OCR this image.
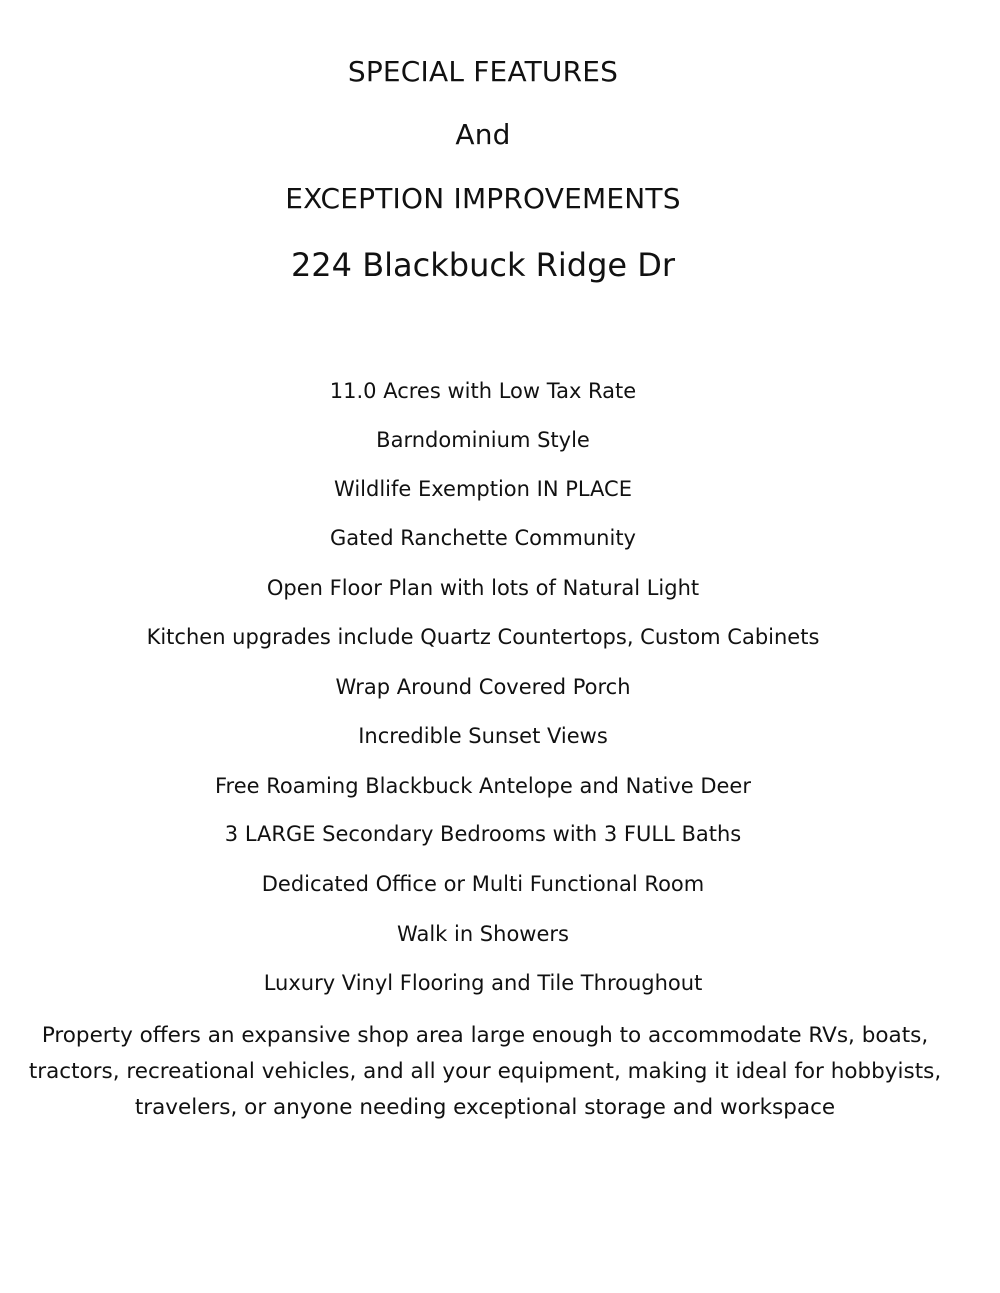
SPECIAL FEATURES
And
EXCEPTION IMPROVEMENTS
224 Blackbuck Ridge Dr
11.0 Acres with Low Tax Rate
Barndominium Style
Wildlife Exemption IN PLACE
Gated Ranchette Community
Open Floor Plan with lots of Natural Light
Kitchen upgrades include Quartz Countertops, Custom Cabinets
Wrap Around Covered Porch
Incredible Sunset Views
Free Roaming Blackbuck Antelope and Native Deer
3 LARGE Secondary Bedrooms with 3 FULL Baths
Dedicated Office or Multi Functional Room
Walk in Showers
Luxury Vinyl Flooring and Tile Throughout
Property offers an expansive shop area large enough to accommodate RVs, boats, tractors, recreational vehicles, and all your equipment, making it ideal for hobbyists, travelers, or anyone needing exceptional storage and workspace
